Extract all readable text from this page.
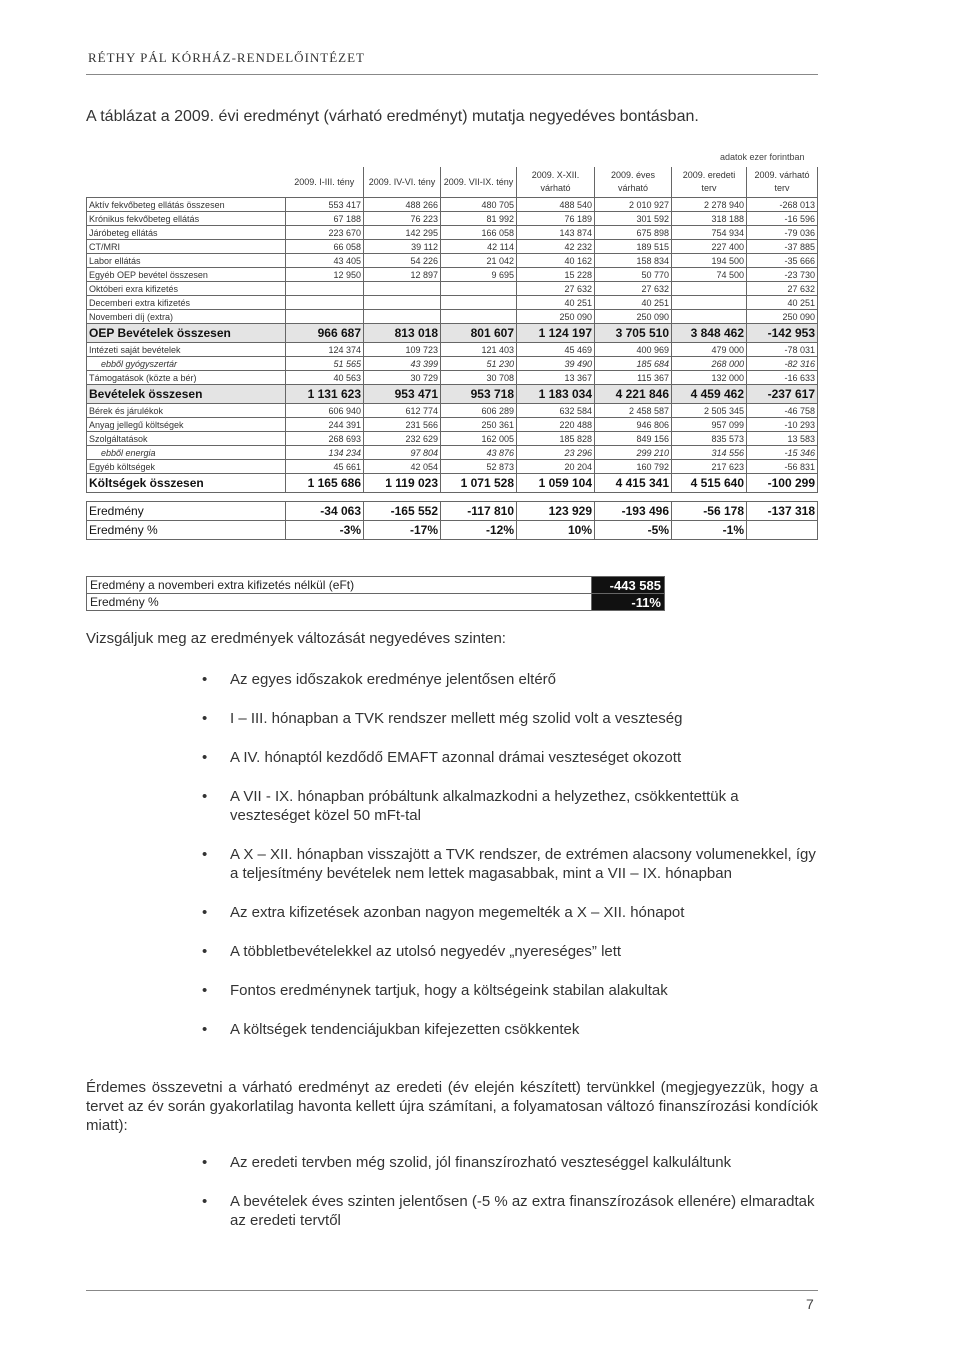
RÉTHY PÁL KÓRHÁZ-RENDELŐINTÉZET
A táblázat a 2009. évi eredményt (várható eredményt) mutatja negyedéves bontásban.
adatok ezer forintban
	2009. I-III. tény	2009. IV-VI. tény	2009. VII-IX. tény	2009. X-XII. várható	2009. éves várható	2009. eredeti terv	2009. várható terv
Aktív fekvőbeteg ellátás összesen	553 417	488 266	480 705	488 540	2 010 927	2 278 940	-268 013
Krónikus fekvőbeteg ellátás	67 188	76 223	81 992	76 189	301 592	318 188	-16 596
Járóbeteg ellátás	223 670	142 295	166 058	143 874	675 898	754 934	-79 036
CT/MRI	66 058	39 112	42 114	42 232	189 515	227 400	-37 885
Labor ellátás	43 405	54 226	21 042	40 162	158 834	194 500	-35 666
Egyéb OEP bevétel összesen	12 950	12 897	9 695	15 228	50 770	74 500	-23 730
Októberi exra kifizetés				27 632	27 632		27 632
Decemberi extra kifizetés				40 251	40 251		40 251
Novemberi díj (extra)				250 090	250 090		250 090
OEP Bevételek összesen	966 687	813 018	801 607	1 124 197	3 705 510	3 848 462	-142 953
Intézeti saját bevételek	124 374	109 723	121 403	45 469	400 969	479 000	-78 031
ebből gyógyszertár	51 565	43 399	51 230	39 490	185 684	268 000	-82 316
Támogatások (közte a bér)	40 563	30 729	30 708	13 367	115 367	132 000	-16 633
Bevételek összesen	1 131 623	953 471	953 718	1 183 034	4 221 846	4 459 462	-237 617
Bérek és járulékok	606 940	612 774	606 289	632 584	2 458 587	2 505 345	-46 758
Anyag jellegű költségek	244 391	231 566	250 361	220 488	946 806	957 099	-10 293
Szolgáltatások	268 693	232 629	162 005	185 828	849 156	835 573	13 583
ebből energia	134 234	97 804	43 876	23 296	299 210	314 556	-15 346
Egyéb költségek	45 661	42 054	52 873	20 204	160 792	217 623	-56 831
Költségek összesen	1 165 686	1 119 023	1 071 528	1 059 104	4 415 341	4 515 640	-100 299

Eredmény	-34 063	-165 552	-117 810	123 929	-193 496	-56 178	-137 318
Eredmény %	-3%	-17%	-12%	10%	-5%	-1%	
Eredmény a novemberi extra kifizetés nélkül (eFt)	-443 585
Eredmény %	-11%
Vizsgáljuk meg az eredmények változását negyedéves szinten:
• Az egyes időszakok eredménye jelentősen eltérő
• I – III. hónapban a TVK rendszer mellett még szolid volt a veszteség
• A IV. hónaptól kezdődő EMAFT azonnal drámai veszteséget okozott
• A VII - IX. hónapban próbáltunk alkalmazkodni a helyzethez, csökkentettük a veszteséget közel 50 mFt-tal
• A X – XII. hónapban visszajött a TVK rendszer, de extrémen alacsony volumenekkel, így a teljesítmény bevételek nem lettek magasabbak, mint a VII – IX. hónapban
• Az extra kifizetések azonban nagyon megemelték a X – XII. hónapot
• A többletbevételekkel az utolsó negyedév „nyereséges” lett
• Fontos eredménynek tartjuk, hogy a költségeink stabilan alakultak
• A költségek tendenciájukban kifejezetten csökkentek
Érdemes összevetni a várható eredményt az eredeti (év elején készített) tervünkkel (megjegyezzük, hogy a tervet az év során gyakorlatilag havonta kellett újra számítani, a folyamatosan változó finanszírozási kondíciók miatt):
• Az eredeti tervben még szolid, jól finanszírozható veszteséggel kalkuláltunk
• A bevételek éves szinten jelentősen (-5 % az extra finanszírozások ellenére) elmaradtak az eredeti tervtől
7
